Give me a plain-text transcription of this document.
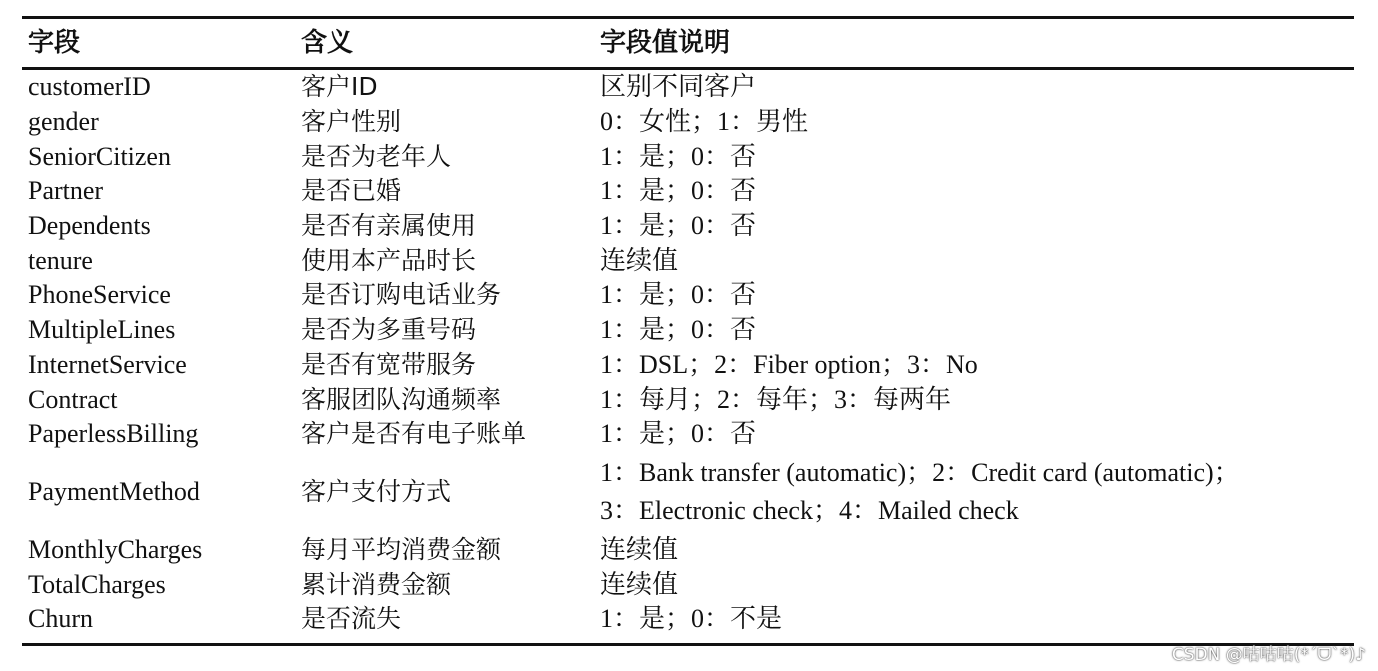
字段	含义	字段值说明
customerID	客户ID	区别不同客户
gender	客户性别	0：女性；1：男性
SeniorCitizen	是否为老年人	1：是；0：否
Partner	是否已婚	1：是；0：否
Dependents	是否有亲属使用	1：是；0：否
tenure	使用本产品时长	连续值
PhoneService	是否订购电话业务	1：是；0：否
MultipleLines	是否为多重号码	1：是；0：否
InternetService	是否有宽带服务	1：DSL；2：Fiber option；3：No
Contract	客服团队沟通频率	1：每月；2：每年；3：每两年
PaperlessBilling	客户是否有电子账单	1：是；0：否
PaymentMethod	客户支付方式
1：Bank transfer (automatic)；2：Credit card (automatic)；
3：Electronic check；4：Mailed check
MonthlyCharges	每月平均消费金额	连续值
TotalCharges	累计消费金额	连续值
Churn	是否流失	1：是；0：不是
CSDN @咕咕咕(*ˊᗜˋ*)♪
